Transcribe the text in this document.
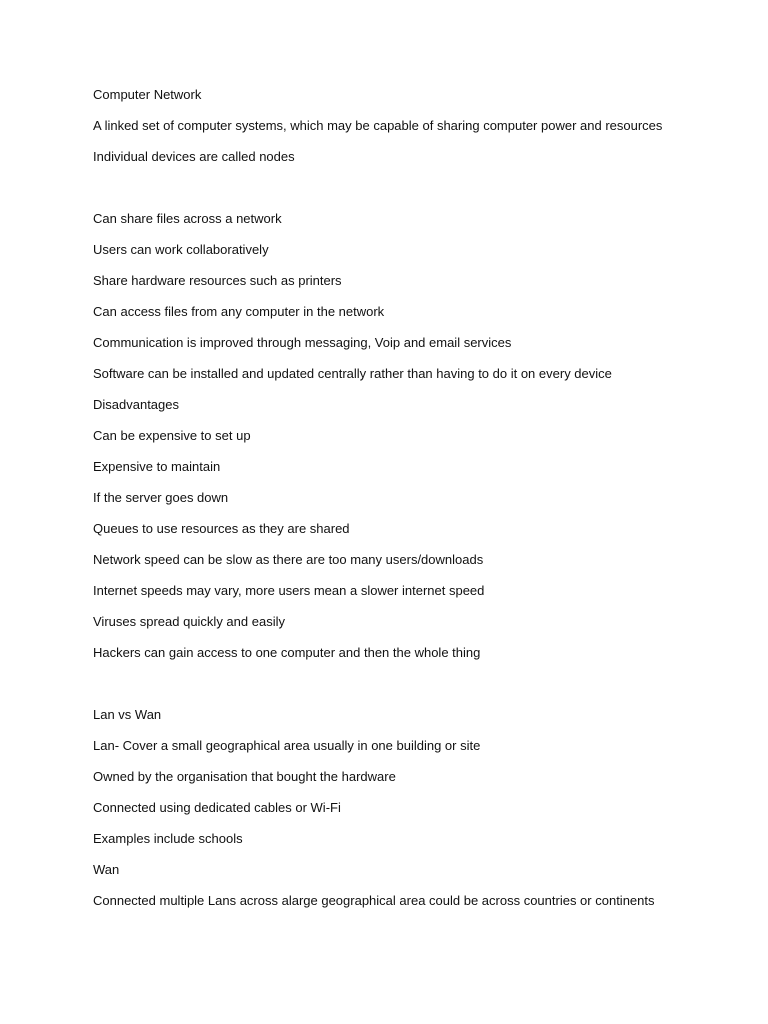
Computer Network
A linked set of computer systems, which may be capable of sharing computer power and resources
Individual devices are called nodes
Can share files across a network
Users can work collaboratively
Share hardware resources such as printers
Can access files from any computer in the network
Communication is improved through messaging, Voip and email services
Software can be installed and updated centrally rather than having to do it on every device
Disadvantages
Can be expensive to set up
Expensive to maintain
If the server goes down
Queues to use resources as they are shared
Network speed can be slow as there are too many users/downloads
Internet speeds may vary, more users mean a slower internet speed
Viruses spread quickly and easily
Hackers can gain access to one computer and then the whole thing
Lan vs Wan
Lan- Cover a small geographical area usually in one building or site
Owned by the organisation that bought the hardware
Connected using dedicated cables or Wi-Fi
Examples include schools
Wan
Connected multiple Lans across alarge geographical area could be across countries or continents
